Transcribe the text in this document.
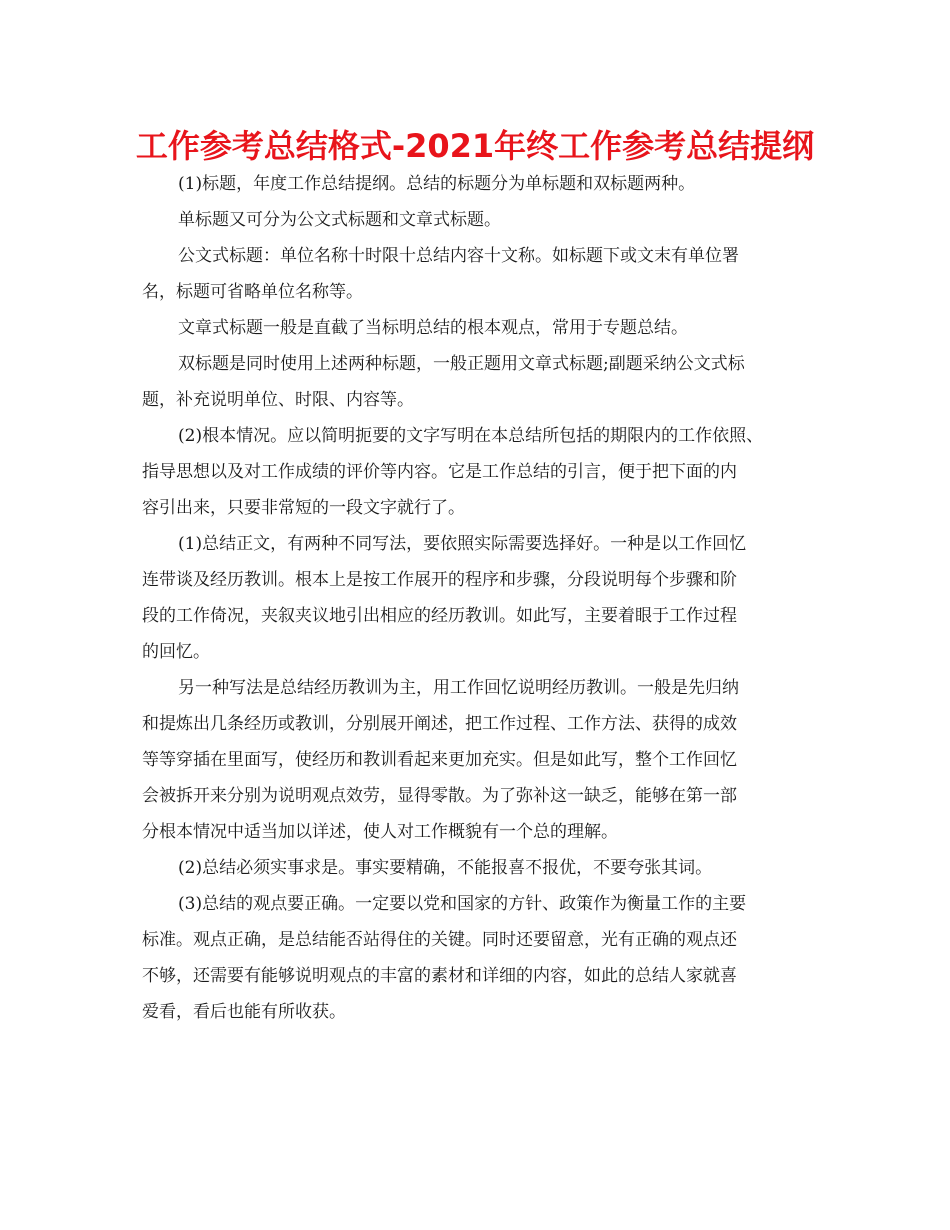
工作参考总结格式-2021年终工作参考总结提纲
(1)标题，年度工作总结提纲。总结的标题分为单标题和双标题两种。
单标题又可分为公文式标题和文章式标题。
公文式标题：单位名称十时限十总结内容十文称。如标题下或文末有单位署
名，标题可省略单位名称等。
文章式标题一般是直截了当标明总结的根本观点，常用于专题总结。
双标题是同时使用上述两种标题，一般正题用文章式标题;副题采纳公文式标
题，补充说明单位、时限、内容等。
(2)根本情况。应以简明扼要的文字写明在本总结所包括的期限内的工作依照、
指导思想以及对工作成绩的评价等内容。它是工作总结的引言，便于把下面的内
容引出来，只要非常短的一段文字就行了。
(1)总结正文，有两种不同写法，要依照实际需要选择好。一种是以工作回忆
连带谈及经历教训。根本上是按工作展开的程序和步骤，分段说明每个步骤和阶
段的工作倚况，夹叙夹议地引出相应的经历教训。如此写，主要着眼于工作过程
的回忆。
另一种写法是总结经历教训为主，用工作回忆说明经历教训。一般是先归纳
和提炼出几条经历或教训，分别展开阐述，把工作过程、工作方法、获得的成效
等等穿插在里面写，使经历和教训看起来更加充实。但是如此写，整个工作回忆
会被拆开来分别为说明观点效劳，显得零散。为了弥补这一缺乏，能够在第一部
分根本情况中适当加以详述，使人对工作概貌有一个总的理解。
(2)总结必须实事求是。事实要精确，不能报喜不报优，不要夸张其词。
(3)总结的观点要正确。一定要以党和国家的方针、政策作为衡量工作的主要
标准。观点正确，是总结能否站得住的关键。同时还要留意，光有正确的观点还
不够，还需要有能够说明观点的丰富的素材和详细的内容，如此的总结人家就喜
爱看，看后也能有所收获。
